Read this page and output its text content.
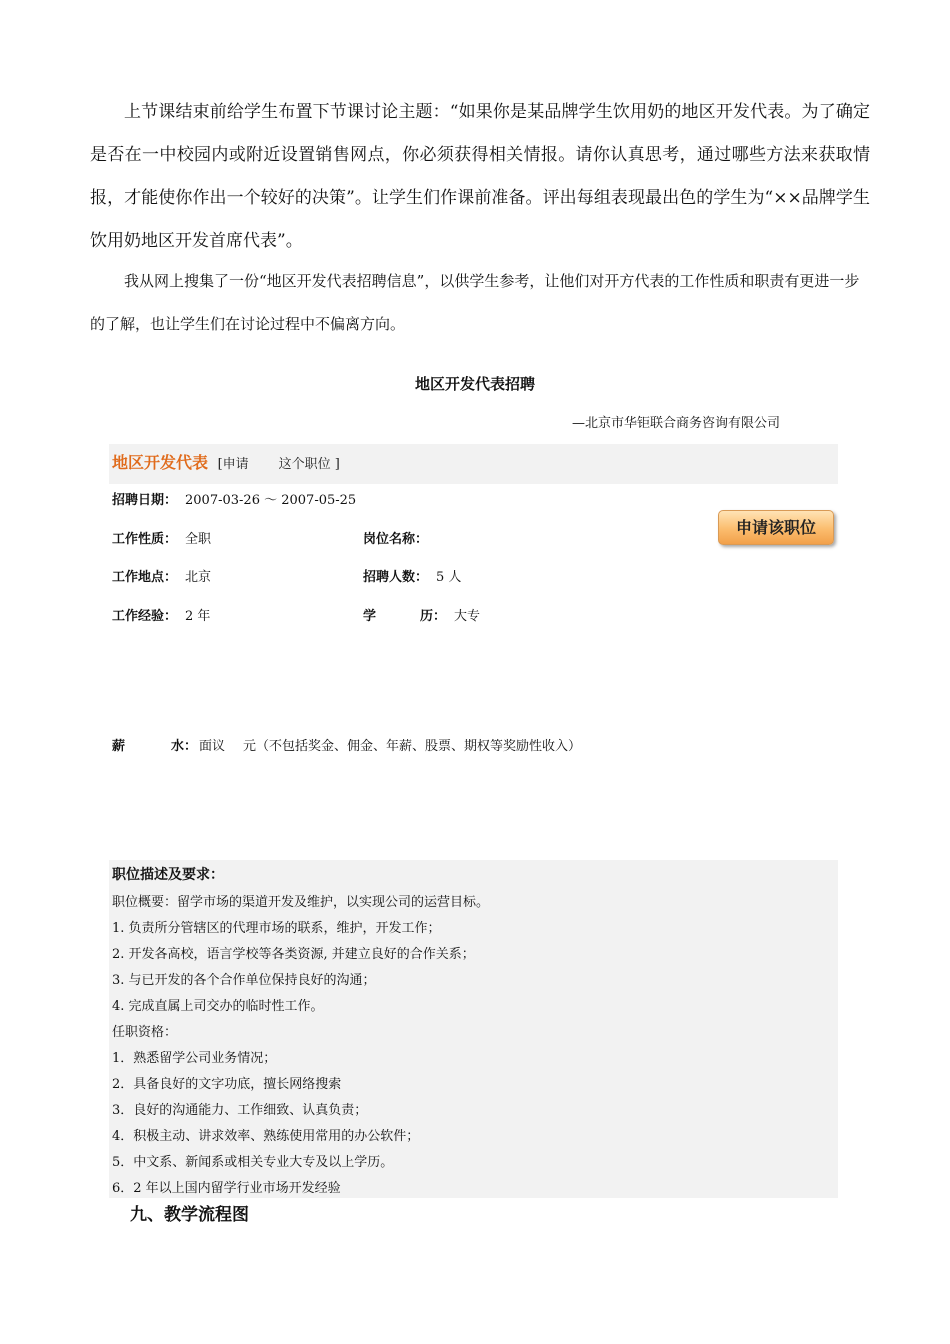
上节课结束前给学生布置下节课讨论主题：“如果你是某品牌学生饮用奶的地区开发代表。为了确定是否在一中校园内或附近设置销售网点，你必须获得相关情报。请你认真思考，通过哪些方法来获取情报，才能使你作出一个较好的决策”。让学生们作课前准备。评出每组表现最出色的学生为“××品牌学生饮用奶地区开发首席代表”。

我从网上搜集了一份“地区开发代表招聘信息”，以供学生参考，让他们对开方代表的工作性质和职责有更进一步的了解，也让学生们在讨论过程中不偏离方向。

地区开发代表招聘
—北京市华钜联合商务咨询有限公司
地区开发代表 [申请 这个职位 ]
招聘日期： 2007-03-26 ～ 2007-05-25
工作性质： 全职	岗位名称：
申请该职位
工作地点： 北京	招聘人数： 5 人
工作经验： 2 年	学	历： 大专
薪	水： 面议 元（不包括奖金、佣金、年薪、股票、期权等奖励性收入）
职位描述及要求：
职位概要：留学市场的渠道开发及维护，以实现公司的运营目标。
1. 负责所分管辖区的代理市场的联系，维护，开发工作；
2. 开发各高校，语言学校等各类资源, 并建立良好的合作关系；
3. 与已开发的各个合作单位保持良好的沟通；
4. 完成直属上司交办的临时性工作。
任职资格：
1．熟悉留学公司业务情况；
2．具备良好的文字功底，擅长网络搜索
3．良好的沟通能力、工作细致、认真负责；
4．积极主动、讲求效率、熟练使用常用的办公软件；
5．中文系、新闻系或相关专业大专及以上学历。
6．2 年以上国内留学行业市场开发经验
九、教学流程图
